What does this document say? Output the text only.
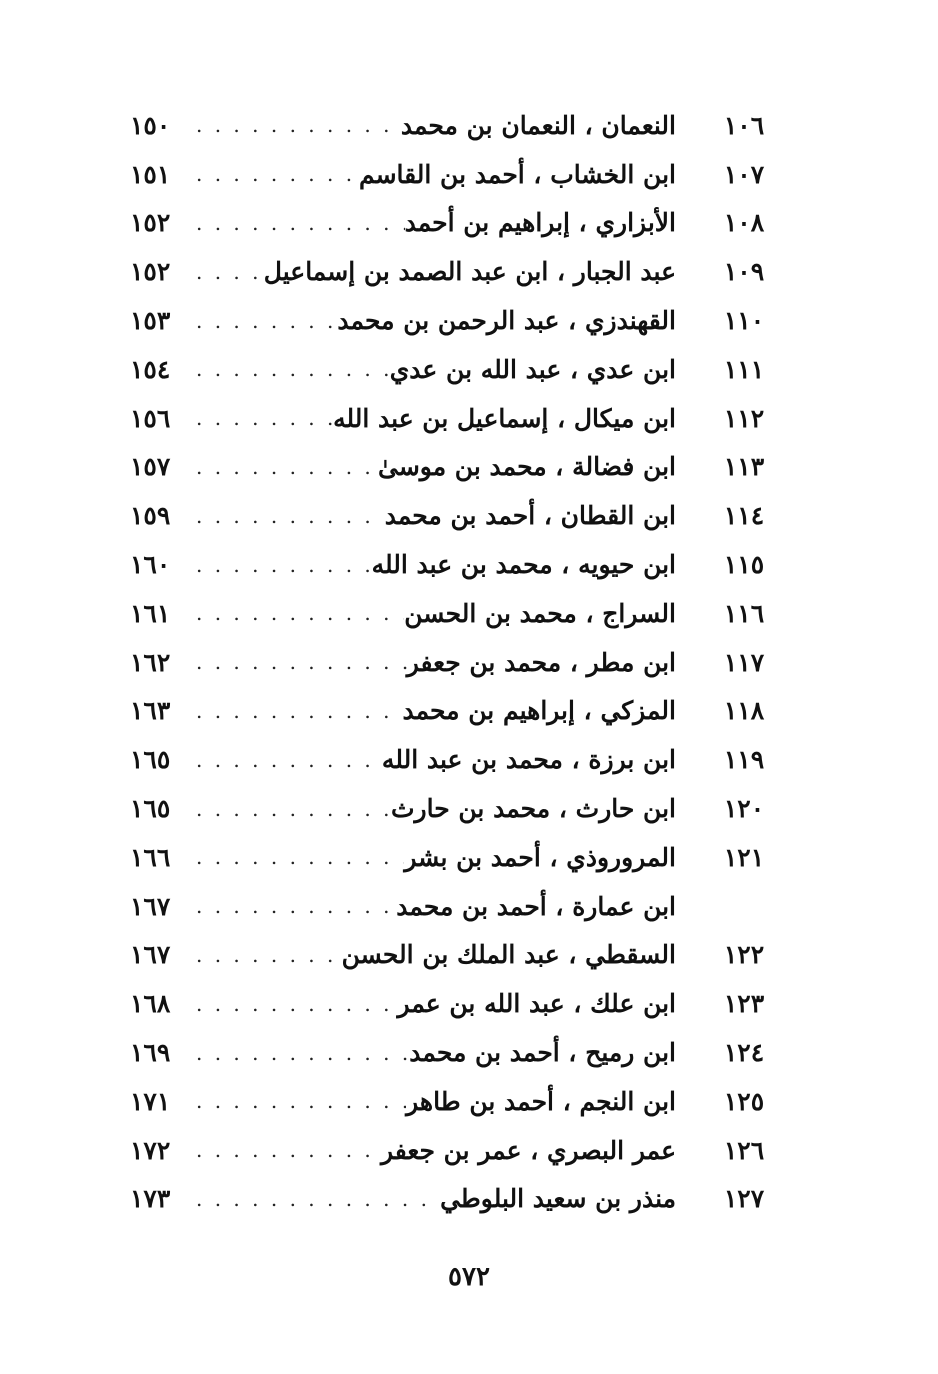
١٠٦
النعمان ، النعمان بن محمد
. . .
١٥٠
١٠٧
ابن الخشاب ، أحمد بن القاسم
. . .
١٥١
١٠٨
الأبزاري ، إبراهيم بن أحمد
. . .
١٥٢
١٠٩
عبد الجبار ، ابن عبد الصمد بن إسماعيل
. . .
١٥٢
١١٠
القهندزي ، عبد الرحمن بن محمد
. . .
١٥٣
١١١
ابن عدي ، عبد الله بن عدي
. . .
١٥٤
١١٢
ابن ميكال ، إسماعيل بن عبد الله
. . .
١٥٦
١١٣
ابن فضالة ، محمد بن موسىٰ
. . .
١٥٧
١١٤
ابن القطان ، أحمد بن محمد
. . .
١٥٩
١١٥
ابن حيويه ، محمد بن عبد الله
. . .
١٦٠
١١٦
السراج ، محمد بن الحسن
. . .
١٦١
١١٧
ابن مطر ، محمد بن جعفر
. . .
١٦٢
١١٨
المزكي ، إبراهيم بن محمد
. . .
١٦٣
١١٩
ابن برزة ، محمد بن عبد الله
. . .
١٦٥
١٢٠
ابن حارث ، محمد بن حارث
. . .
١٦٥
١٢١
المروروذي ، أحمد بن بشر
. . .
١٦٦
ابن عمارة ، أحمد بن محمد
. . .
١٦٧
١٢٢
السقطي ، عبد الملك بن الحسن
. . .
١٦٧
١٢٣
ابن علك ، عبد الله بن عمر
. . .
١٦٨
١٢٤
ابن رميح ، أحمد بن محمد
. . .
١٦٩
١٢٥
ابن النجم ، أحمد بن طاهر
. . .
١٧١
١٢٦
عمر البصري ، عمر بن جعفر
. . .
١٧٢
١٢٧
منذر بن سعيد البلوطي
. . .
١٧٣
٥٧٢
